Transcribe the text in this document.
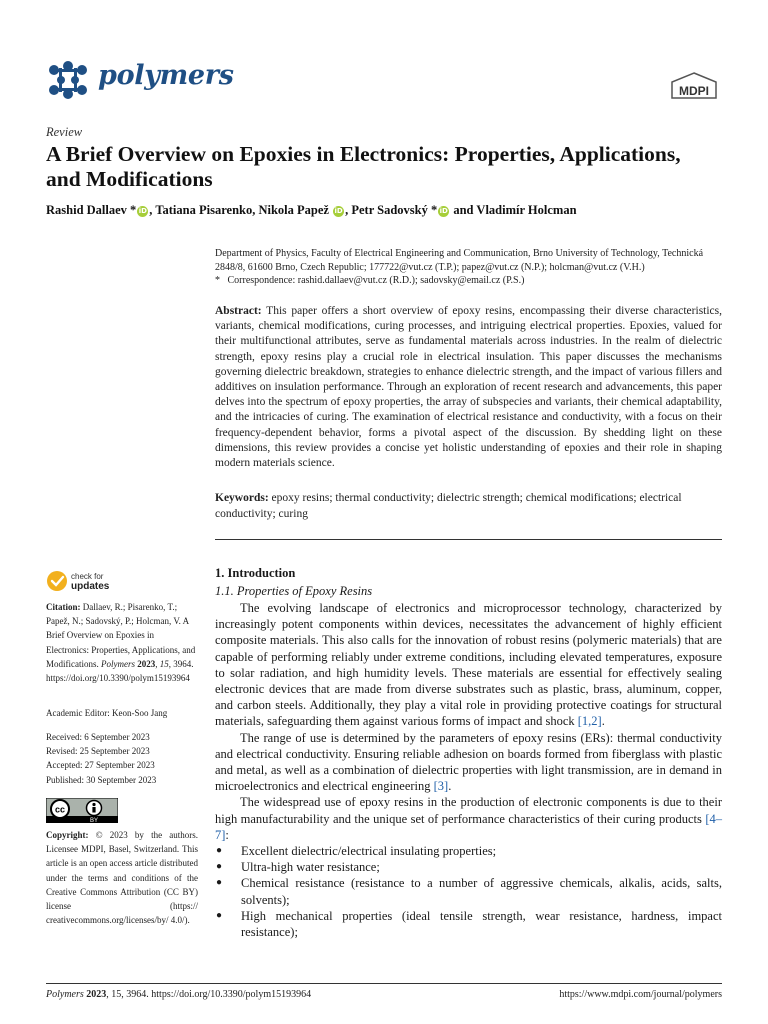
polymers	MDPI
Review
A Brief Overview on Epoxies in Electronics: Properties, Applications, and Modifications
Rashid Dallaev * iD , Tatiana Pisarenko, Nikola Papež iD , Petr Sadovský * iD and Vladimír Holcman
Department of Physics, Faculty of Electrical Engineering and Communication, Brno University of Technology, Technická 2848/8, 61600 Brno, Czech Republic; 177722@vut.cz (T.P.); papez@vut.cz (N.P.); holcman@vut.cz (V.H.)
* Correspondence: rashid.dallaev@vut.cz (R.D.); sadovsky@email.cz (P.S.)
Abstract: This paper offers a short overview of epoxy resins, encompassing their diverse characteristics, variants, chemical modifications, curing processes, and intriguing electrical properties. Epoxies, valued for their multifunctional attributes, serve as fundamental materials across industries. In the realm of dielectric strength, epoxy resins play a crucial role in electrical insulation. This paper discusses the mechanisms governing dielectric breakdown, strategies to enhance dielectric strength, and the impact of various fillers and additives on insulation performance. Through an exploration of recent research and advancements, this paper delves into the spectrum of epoxy properties, the array of subspecies and variants, their chemical adaptability, and the intricacies of curing. The examination of electrical resistance and conductivity, with a focus on their frequency-dependent behavior, forms a pivotal aspect of the discussion. By shedding light on these dimensions, this review provides a concise yet holistic understanding of epoxies and their role in shaping modern materials science.
Keywords: epoxy resins; thermal conductivity; dielectric strength; chemical modifications; electrical conductivity; curing
check for
updates
Citation: Dallaev, R.; Pisarenko, T.; Papež, N.; Sadovský, P.; Holcman, V. A Brief Overview on Epoxies in Electronics: Properties, Applications, and Modifications. Polymers 2023, 15, 3964. https://doi.org/10.3390/polym15193964
Academic Editor: Keon-Soo Jang
Received: 6 September 2023
Revised: 25 September 2023
Accepted: 27 September 2023
Published: 30 September 2023
cc
BY
Copyright: © 2023 by the authors. Licensee MDPI, Basel, Switzerland. This article is an open access article distributed under the terms and conditions of the Creative Commons Attribution (CC BY) license (https:// creativecommons.org/licenses/by/ 4.0/).
1. Introduction
1.1. Properties of Epoxy Resins

The evolving landscape of electronics and microprocessor technology, characterized by increasingly potent components within devices, necessitates the advancement of highly efficient composite materials. This also calls for the innovation of robust resins (polymeric materials) that are capable of performing reliably under extreme conditions, including elevated temperatures, exposure to solar radiation, and high humidity levels. These materials are essential for effectively sealing electronic devices that are made from diverse substrates such as plastic, brass, aluminum, copper, and carbon steels. Additionally, they play a vital role in providing protective coatings for structural materials, safeguarding them against various forms of impact and shock [1,2].

The range of use is determined by the parameters of epoxy resins (ERs): thermal conductivity and electrical conductivity. Ensuring reliable adhesion on boards formed from fiberglass with plastic and metal, as well as a combination of dielectric properties with light transmission, are in demand in microelectronics and electrical engineering [3].

The widespread use of epoxy resins in the production of electronic components is due to their high manufacturability and the unique set of performance characteristics of their curing products [4–7]:

● Excellent dielectric/electrical insulating properties;
● Ultra-high water resistance;
● Chemical resistance (resistance to a number of aggressive chemicals, alkalis, acids, salts, solvents);
● High mechanical properties (ideal tensile strength, wear resistance, hardness, impact resistance);
Polymers 2023, 15, 3964. https://doi.org/10.3390/polym15193964	https://www.mdpi.com/journal/polymers
